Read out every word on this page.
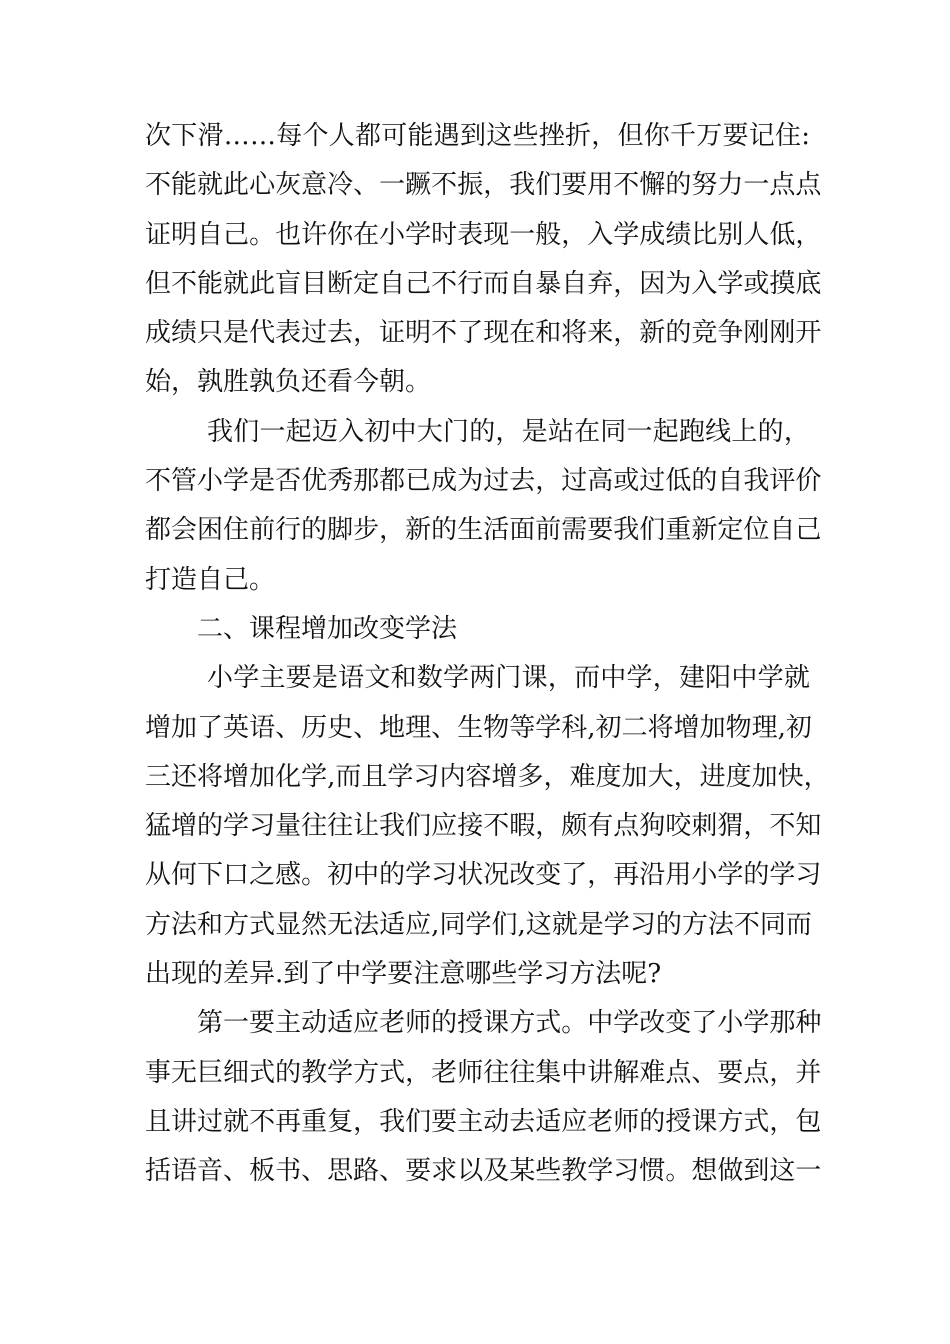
次 下 滑 … … 每 个 人 都 可 能 遇 到 这 些 挫 折 ， 但 你 千 万 要 记 住 :
不 能 就 此 心 灰 意 冷 、 一 蹶 不 振 ， 我 们 要 用 不 懈 的 努 力 一 点 点
证 明 自 己 。 也 许 你 在 小 学 时 表 现 一 般 ， 入 学 成 绩 比 别 人 低 ，
但 不 能 就 此 盲 目 断 定 自 己 不 行 而 自 暴 自 弃 ， 因 为 入 学 或 摸 底
成 绩 只 是 代 表 过 去 ， 证 明 不 了 现 在 和 将 来 ， 新 的 竞 争 刚 刚 开
始，孰胜孰负还看今朝。
我 们 一 起 迈 入 初 中 大 门 的 ， 是 站 在 同 一 起 跑 线 上 的 ，
不 管 小 学 是 否 优 秀 那 都 已 成 为 过 去 ， 过 高 或 过 低 的 自 我 评 价
都 会 困 住 前 行 的 脚 步 ， 新 的 生 活 面 前 需 要 我 们 重 新 定 位 自 己
打造自己。
二、课程增加改变学法
小 学 主 要 是 语 文 和 数 学 两 门 课 ， 而 中 学 ， 建 阳 中 学 就
增 加 了 英 语 、 历 史 、 地 理 、 生 物 等 学 科 , 初 二 将 增 加 物 理 , 初
三 还 将 增 加 化 学 , 而 且 学 习 内 容 增 多 ， 难 度 加 大 ， 进 度 加 快 ，
猛 增 的 学 习 量 往 往 让 我 们 应 接 不 暇 ， 颇 有 点 狗 咬 刺 猬 ， 不 知
从 何 下 口 之 感 。 初 中 的 学 习 状 况 改 变 了 ， 再 沿 用 小 学 的 学 习
方 法 和 方 式 显 然 无 法 适 应 , 同 学 们 , 这 就 是 学 习 的 方 法 不 同 而
出现的差异.到了中学要注意哪些学习方法呢?
第 一 要 主 动 适 应 老 师 的 授 课 方 式 。 中 学 改 变 了 小 学 那 种
事 无 巨 细 式 的 教 学 方 式 ， 老 师 往 往 集 中 讲 解 难 点 、 要 点 ， 并
且 讲 过 就 不 再 重 复 ， 我 们 要 主 动 去 适 应 老 师 的 授 课 方 式 ， 包
括 语 音 、 板 书 、 思 路 、 要 求 以 及 某 些 教 学 习 惯 。 想 做 到 这 一
